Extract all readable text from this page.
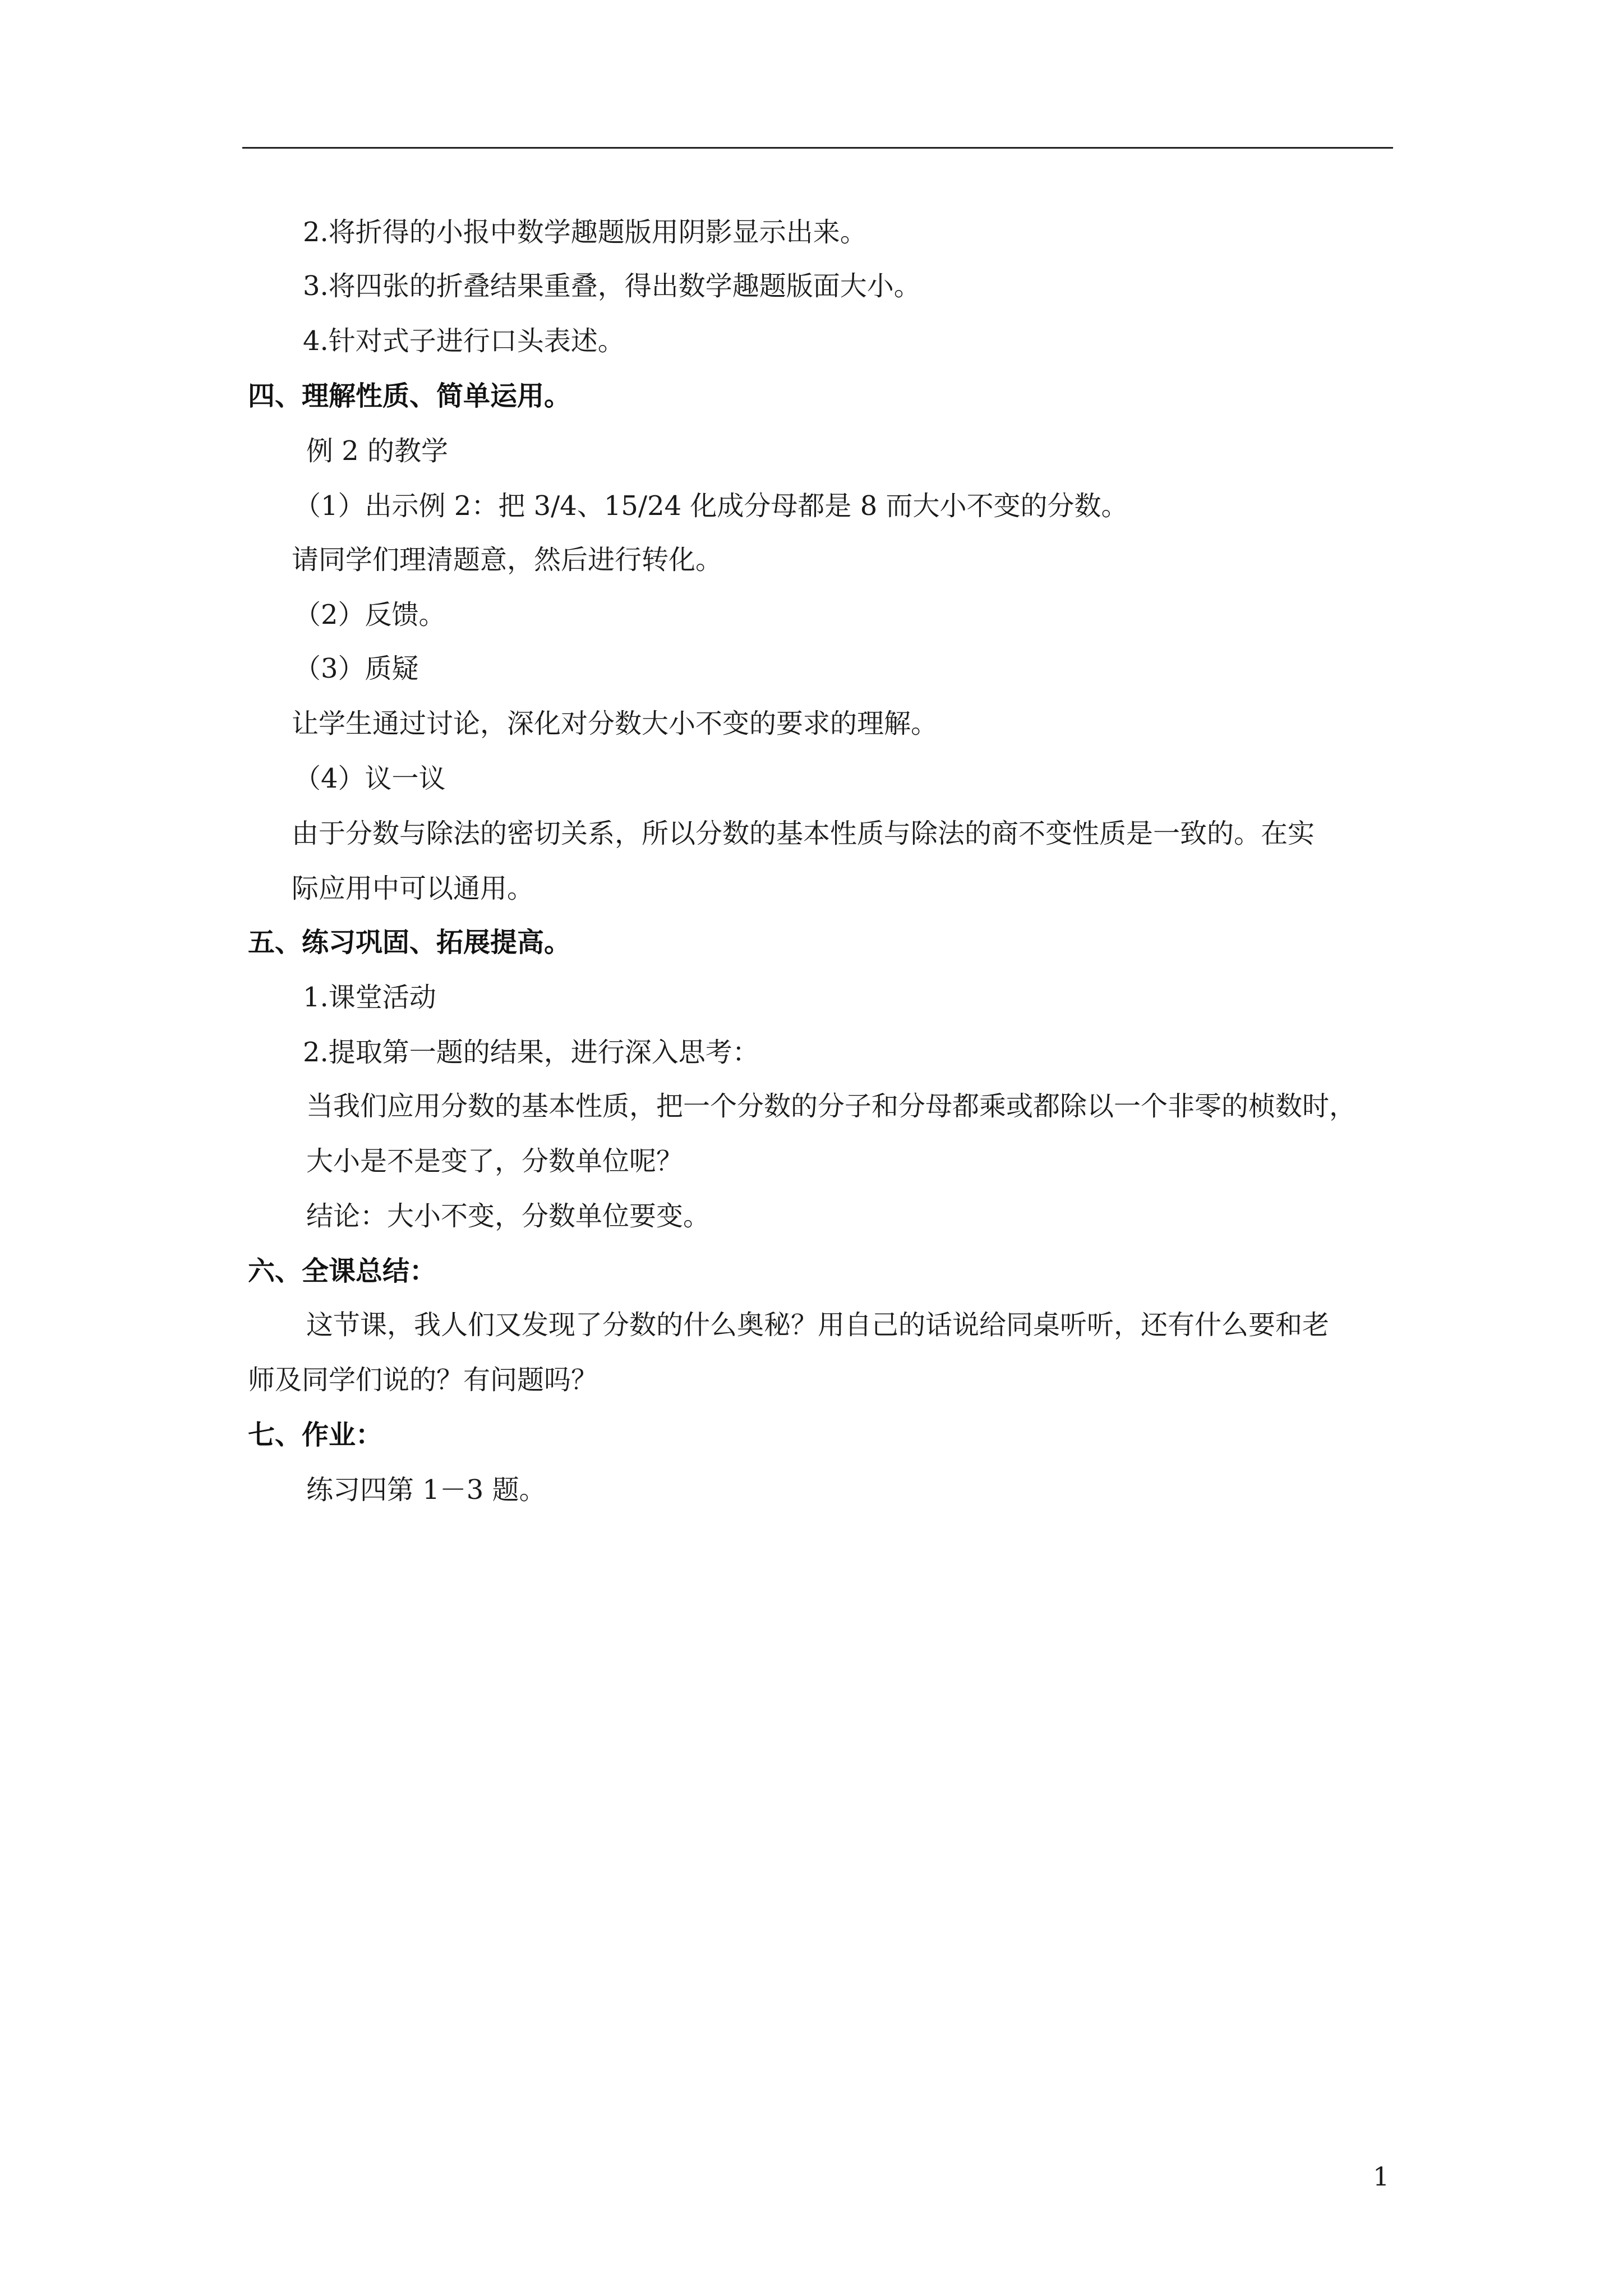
2.将折得的小报中数学趣题版用阴影显示出来。
3.将四张的折叠结果重叠，得出数学趣题版面大小。
4.针对式子进行口头表述。
四、理解性质、简单运用。
例 2 的教学
（1）出示例 2：把 3/4、15/24 化成分母都是 8 而大小不变的分数。
请同学们理清题意，然后进行转化。
（2）反馈。
（3）质疑
让学生通过讨论，深化对分数大小不变的要求的理解。
（4）议一议
由于分数与除法的密切关系，所以分数的基本性质与除法的商不变性质是一致的。在实
际应用中可以通用。
五、练习巩固、拓展提高。
1.课堂活动
2.提取第一题的结果，进行深入思考：
当我们应用分数的基本性质，把一个分数的分子和分母都乘或都除以一个非零的桢数时，
大小是不是变了，分数单位呢？
结论：大小不变，分数单位要变。
六、全课总结：
这节课，我人们又发现了分数的什么奥秘？用自己的话说给同桌听听，还有什么要和老
师及同学们说的？有问题吗？
七、作业：
练习四第 1－3 题。
1
